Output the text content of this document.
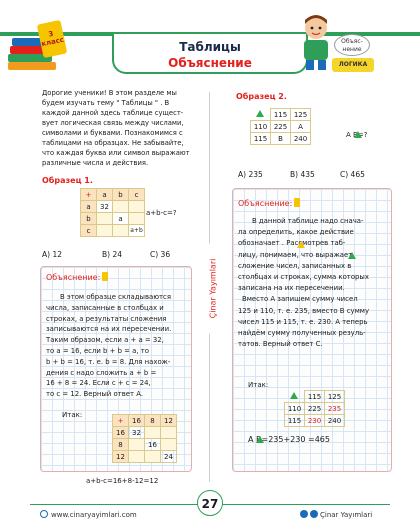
3 класс	Таблицы
Объяснение
Объяс-нение
ЛОГИКА
Çinar Yayımlari
Дорогие ученики! В этом разделе мы будем изучать тему " Таблицы " . В каждой данной здесь таблице сущест-вует логическая связь между числами, символами и буквами. Познакомимся с таблицами на образцах. Не забывайте, что каждая буква или символ выражают различные числа и действия.
Образец 1.
+	a	b	c
a	32		
b		a	
c			a+b
a+b-c=?
A) 12	B) 24	C) 36
Объяснение:
В этом образце складываются
числа, записанные в столбцах и
строках, а результаты сложения
записываются на их пересечении.
Таким образом, если а + а = 32,
то а = 16, если b + b = a, то
b + b = 16, т. е. b = 8. Для нахож-
дения с надо сложить а + b =
16 + 8 = 24. Если c + c = 24,
то с = 12. Верный ответ А.
Итак:
+	16	8	12
16	32		
8		16	
12			24
a+b-c=16+8-12=12
Образец 2.
	115	125
110	225	A
115	B	240	A B=?
A) 235	B) 435	C) 465
Объяснение:
В данной таблице надо снача-
ла определить, какое действие
обозначает . Рассмотрев таб-
лицу, понимаем, что выражает
сложение чисел, записанных в
столбцах и строках, сумма которых
записана на их пересечении.
Вместо А запишем сумму чисел
125 и 110, т. е. 235, вместо В сумму
чисел 115 и 115, т. е. 230. А теперь
найдём сумму полученных резуль-
татов. Верный ответ С.
Итак:
	115	125
110	225	235
115	230	240
A B=235+230 =465
27
www.cinaryayimlari.com	Çinar Yayımlari
